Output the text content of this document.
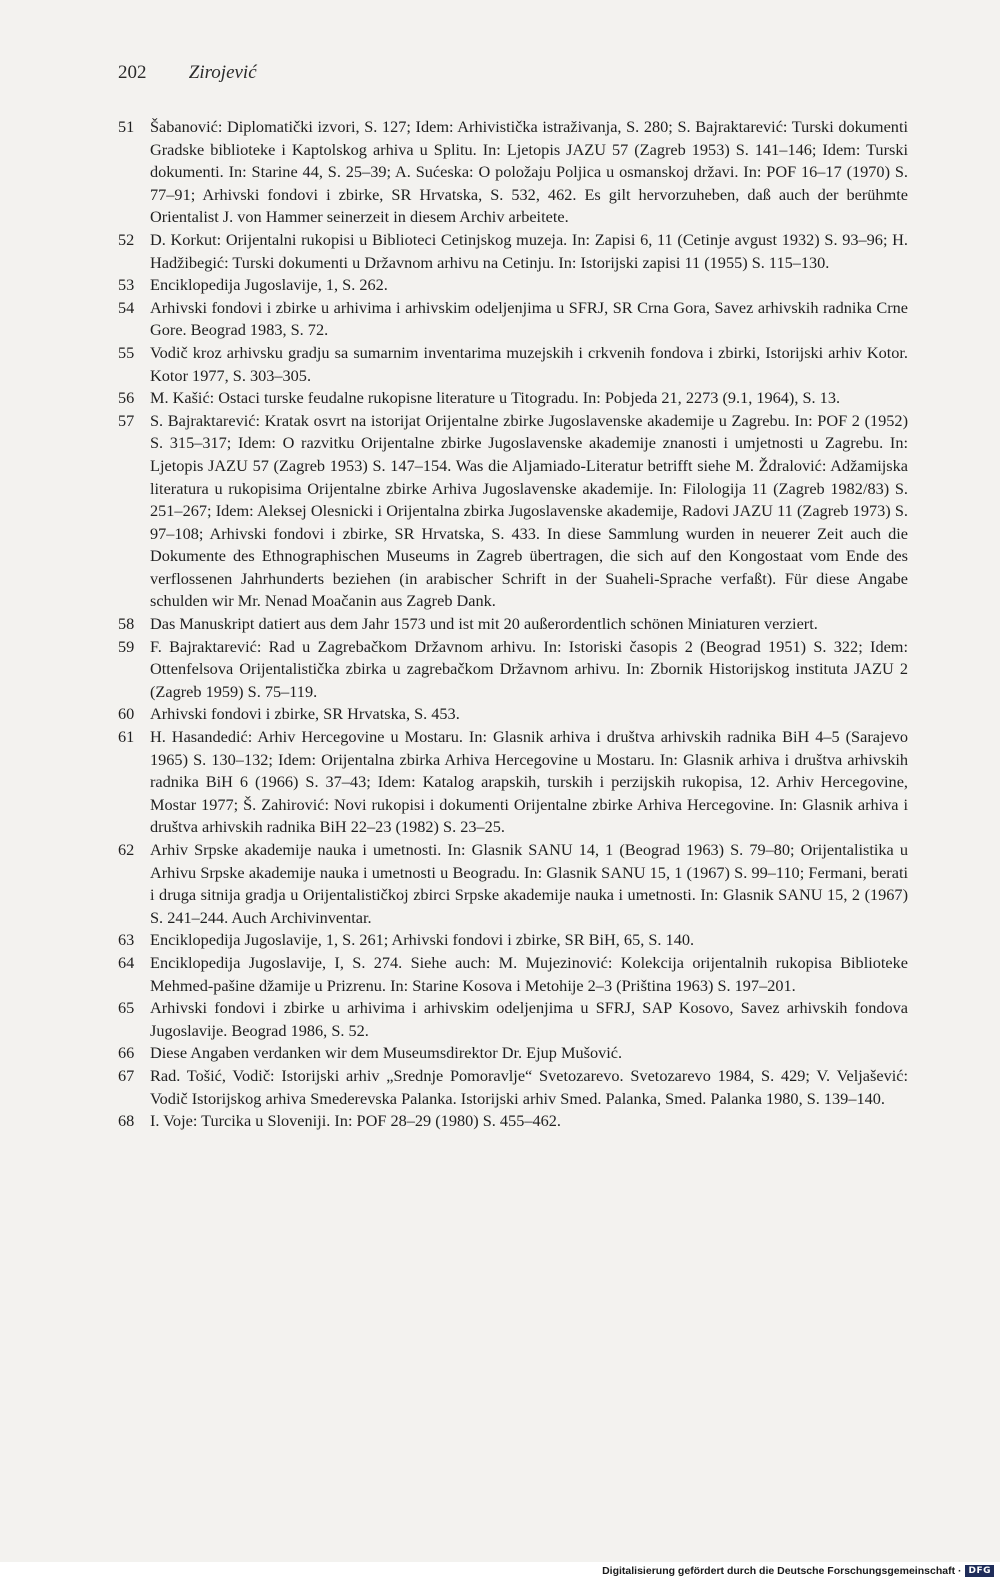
202 Zirojević
51 Šabanović: Diplomatički izvori, S. 127; Idem: Arhivistička istraživanja, S. 280; S. Bajraktarević: Turski dokumenti Gradske biblioteke i Kaptolskog arhiva u Splitu. In: Ljetopis JAZU 57 (Zagreb 1953) S. 141–146; Idem: Turski dokumenti. In: Starine 44, S. 25–39; A. Sućeska: O položaju Poljica u osmanskoj državi. In: POF 16–17 (1970) S. 77–91; Arhivski fondovi i zbirke, SR Hrvatska, S. 532, 462. Es gilt hervorzuheben, daß auch der berühmte Orientalist J. von Hammer seinerzeit in diesem Archiv arbeitete.
52 D. Korkut: Orijentalni rukopisi u Biblioteci Cetinjskog muzeja. In: Zapisi 6, 11 (Cetinje avgust 1932) S. 93–96; H. Hadžibegić: Turski dokumenti u Državnom arhivu na Cetinju. In: Istorijski zapisi 11 (1955) S. 115–130.
53 Enciklopedija Jugoslavije, 1, S. 262.
54 Arhivski fondovi i zbirke u arhivima i arhivskim odeljenjima u SFRJ, SR Crna Gora, Savez arhivskih radnika Crne Gore. Beograd 1983, S. 72.
55 Vodič kroz arhivsku gradju sa sumarnim inventarima muzejskih i crkvenih fondova i zbirki, Istorijski arhiv Kotor. Kotor 1977, S. 303–305.
56 M. Kašić: Ostaci turske feudalne rukopisne literature u Titogradu. In: Pobjeda 21, 2273 (9.1, 1964), S. 13.
57 S. Bajraktarević: Kratak osvrt na istorijat Orijentalne zbirke Jugoslavenske akademije u Zagrebu. In: POF 2 (1952) S. 315–317; Idem: O razvitku Orijentalne zbirke Jugoslavenske akademije znanosti i umjetnosti u Zagrebu. In: Ljetopis JAZU 57 (Zagreb 1953) S. 147–154. Was die Aljamiado-Literatur betrifft siehe M. Ždralović: Adžamijska literatura u rukopisima Orijentalne zbirke Arhiva Jugoslavenske akademije. In: Filologija 11 (Zagreb 1982/83) S. 251–267; Idem: Aleksej Olesnicki i Orijentalna zbirka Jugoslavenske akademije, Radovi JAZU 11 (Zagreb 1973) S. 97–108; Arhivski fondovi i zbirke, SR Hrvatska, S. 433. In diese Sammlung wurden in neuerer Zeit auch die Dokumente des Ethnographischen Museums in Zagreb übertragen, die sich auf den Kongostaat vom Ende des verflossenen Jahrhunderts beziehen (in arabischer Schrift in der Suaheli-Sprache verfaßt). Für diese Angabe schulden wir Mr. Nenad Moačanin aus Zagreb Dank.
58 Das Manuskript datiert aus dem Jahr 1573 und ist mit 20 außerordentlich schönen Miniaturen verziert.
59 F. Bajraktarević: Rad u Zagrebačkom Državnom arhivu. In: Istoriski časopis 2 (Beograd 1951) S. 322; Idem: Ottenfelsova Orijentalistička zbirka u zagrebačkom Državnom arhivu. In: Zbornik Historijskog instituta JAZU 2 (Zagreb 1959) S. 75–119.
60 Arhivski fondovi i zbirke, SR Hrvatska, S. 453.
61 H. Hasandedić: Arhiv Hercegovine u Mostaru. In: Glasnik arhiva i društva arhivskih radnika BiH 4–5 (Sarajevo 1965) S. 130–132; Idem: Orijentalna zbirka Arhiva Hercegovine u Mostaru. In: Glasnik arhiva i društva arhivskih radnika BiH 6 (1966) S. 37–43; Idem: Katalog arapskih, turskih i perzijskih rukopisa, 12. Arhiv Hercegovine, Mostar 1977; Š. Zahirović: Novi rukopisi i dokumenti Orijentalne zbirke Arhiva Hercegovine. In: Glasnik arhiva i društva arhivskih radnika BiH 22–23 (1982) S. 23–25.
62 Arhiv Srpske akademije nauka i umetnosti. In: Glasnik SANU 14, 1 (Beograd 1963) S. 79–80; Orijentalistika u Arhivu Srpske akademije nauka i umetnosti u Beogradu. In: Glasnik SANU 15, 1 (1967) S. 99–110; Fermani, berati i druga sitnija gradja u Orijentalističkoj zbirci Srpske akademije nauka i umetnosti. In: Glasnik SANU 15, 2 (1967) S. 241–244. Auch Archivinventar.
63 Enciklopedija Jugoslavije, 1, S. 261; Arhivski fondovi i zbirke, SR BiH, 65, S. 140.
64 Enciklopedija Jugoslavije, I, S. 274. Siehe auch: M. Mujezinović: Kolekcija orijentalnih rukopisa Biblioteke Mehmed-pašine džamije u Prizrenu. In: Starine Kosova i Metohije 2–3 (Priština 1963) S. 197–201.
65 Arhivski fondovi i zbirke u arhivima i arhivskim odeljenjima u SFRJ, SAP Kosovo, Savez arhivskih fondova Jugoslavije. Beograd 1986, S. 52.
66 Diese Angaben verdanken wir dem Museumsdirektor Dr. Ejup Mušović.
67 Rad. Tošić, Vodič: Istorijski arhiv „Srednje Pomoravlje“ Svetozarevo. Svetozarevo 1984, S. 429; V. Veljašević: Vodič Istorijskog arhiva Smederevska Palanka. Istorijski arhiv Smed. Palanka, Smed. Palanka 1980, S. 139–140.
68 I. Voje: Turcika u Sloveniji. In: POF 28–29 (1980) S. 455–462.
Digitalisierung gefördert durch die Deutsche Forschungsgemeinschaft · DFG
